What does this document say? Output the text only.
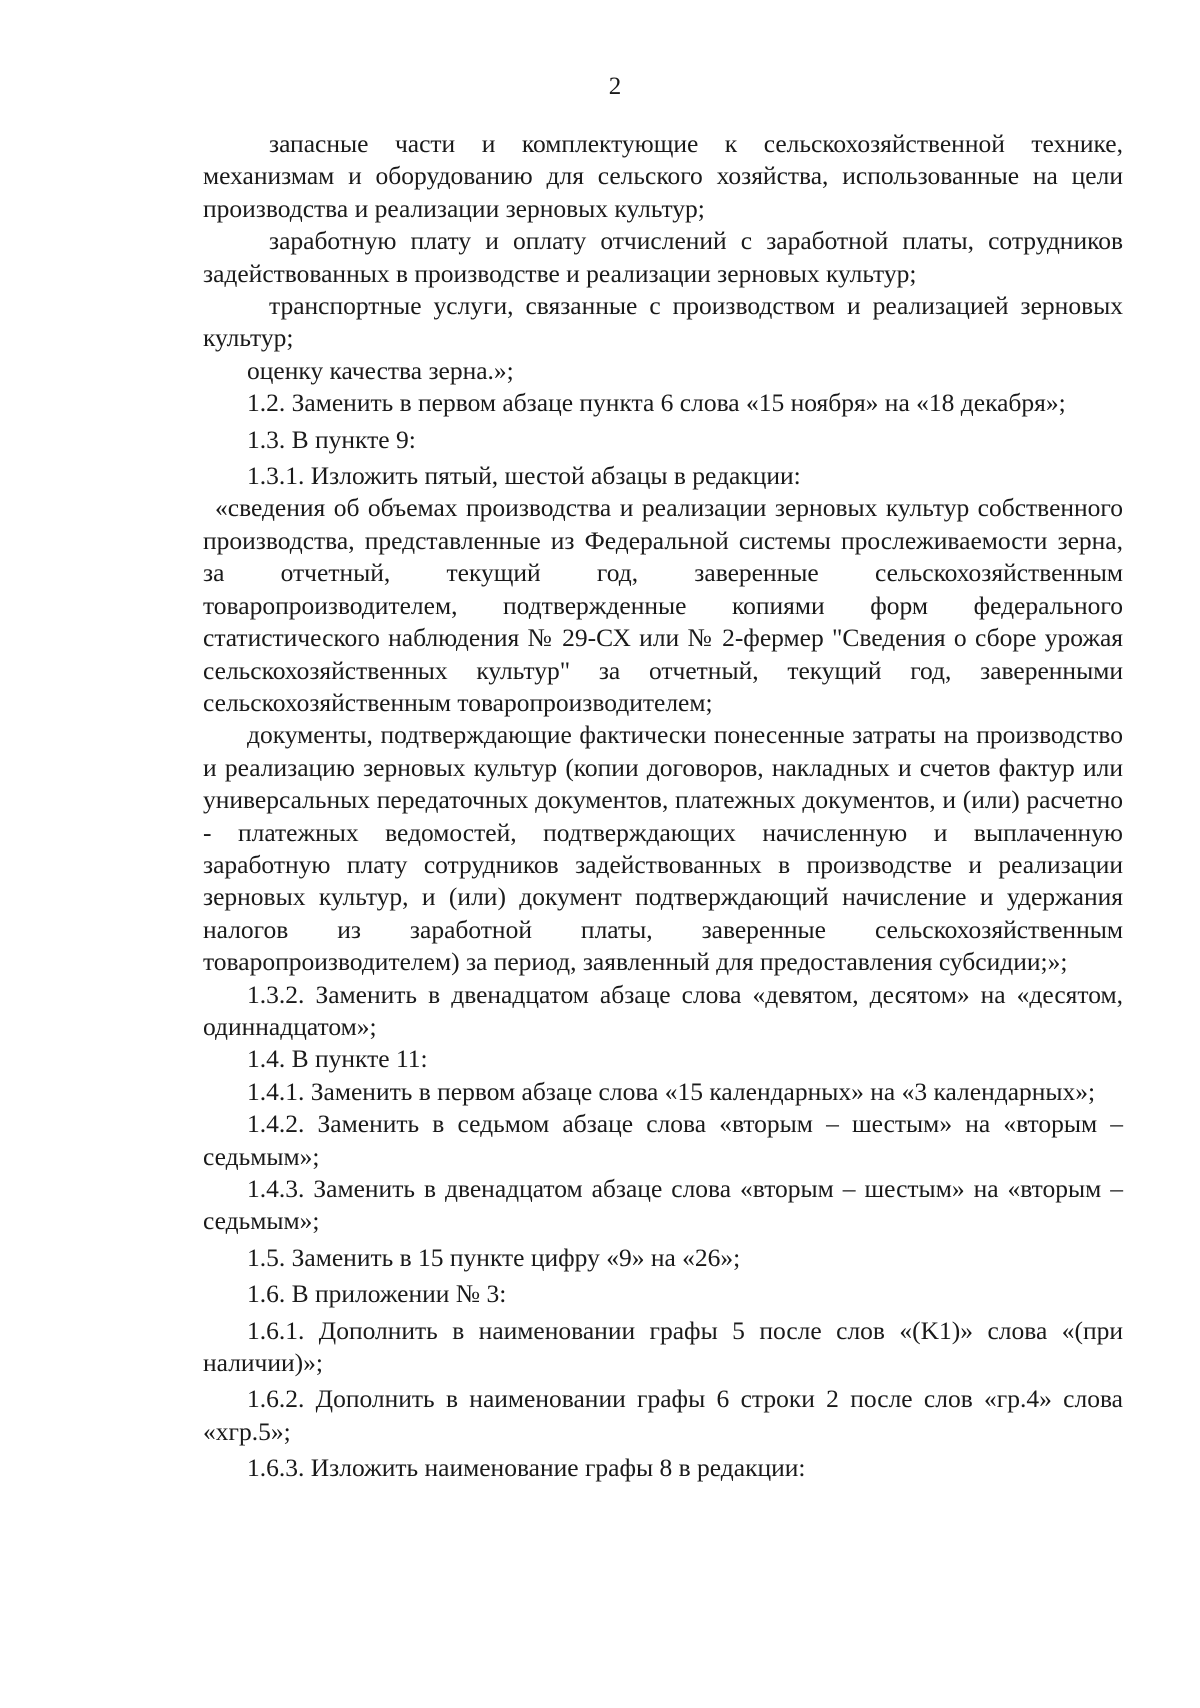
2

запасные части и комплектующие к сельскохозяйственной технике, механизмам и оборудованию для сельского хозяйства, использованные на цели производства и реализации зерновых культур;

заработную плату и оплату отчислений с заработной платы, сотрудников задействованных в производстве и реализации зерновых культур;

транспортные услуги, связанные с производством и реализацией зерновых культур;

оценку качества зерна.»;

1.2. Заменить в первом абзаце пункта 6 слова «15 ноября» на «18 декабря»;

1.3. В пункте 9:

1.3.1. Изложить пятый, шестой абзацы в редакции:

«сведения об объемах производства и реализации зерновых культур собственного производства, представленные из Федеральной системы прослеживаемости зерна, за отчетный, текущий год, заверенные сельскохозяйственным товаропроизводителем, подтвержденные копиями форм федерального статистического наблюдения № 29-СХ или № 2-фермер "Сведения о сборе урожая сельскохозяйственных культур" за отчетный, текущий год, заверенными сельскохозяйственным товаропроизводителем;

документы, подтверждающие фактически понесенные затраты на производство и реализацию зерновых культур (копии договоров, накладных и счетов фактур или универсальных передаточных документов, платежных документов, и (или) расчетно - платежных ведомостей, подтверждающих начисленную и выплаченную заработную плату сотрудников задействованных в производстве и реализации зерновых культур, и (или) документ подтверждающий начисление и удержания налогов из заработной платы, заверенные сельскохозяйственным товаропроизводителем) за период, заявленный для предоставления субсидии;»;

1.3.2. Заменить в двенадцатом абзаце слова «девятом, десятом» на «десятом, одиннадцатом»;

1.4. В пункте 11:

1.4.1. Заменить в первом абзаце слова «15 календарных» на «3 календарных»;

1.4.2. Заменить в седьмом абзаце слова «вторым – шестым» на «вторым – седьмым»;

1.4.3. Заменить в двенадцатом абзаце слова «вторым – шестым» на «вторым – седьмым»;

1.5. Заменить в 15 пункте цифру «9» на «26»;

1.6. В приложении № 3:

1.6.1. Дополнить в наименовании графы 5 после слов «(K1)» слова «(при наличии)»;

1.6.2. Дополнить в наименовании графы 6 строки 2 после слов «гр.4» слова «хгр.5»;

1.6.3. Изложить наименование графы 8 в редакции:
